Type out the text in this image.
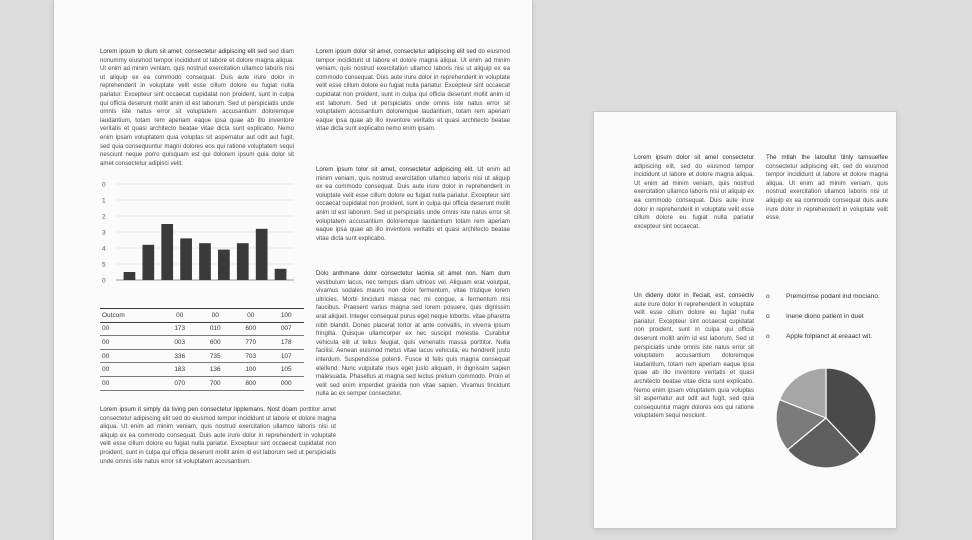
Lorem ipsum to dium sit amet, consectetur adipiscing elit sed sed diam nonummy eiusmod tempor incididunt ut labore et dolore magna aliqua. Ut enim ad minim veniam, quis nostrud exercitation ullamco laboris nisi ut aliquip ex ea commodo consequat. Duis aute irure dolor in reprehenderit in voluptate velit esse cillum dolore eu fugiat nulla pariatur. Excepteur sint occaecat cupidatat non proident, sunt in culpa qui officia deserunt mollit anim id est laborum. Sed ut perspiciatis unde omnis iste natus error sit voluptatem accusantium doloremque laudantium, totam rem aperiam eaque ipsa quae ab illo inventore veritatis et quasi architecto beatae vitae dicta sunt explicabo. Nemo enim ipsam voluptatem quia voluptas sit aspernatur aut odit aut fugit, sed quia consequuntur magni dolores eos qui ratione voluptatem sequi nesciunt neque porro quisquam est qui dolorem ipsum quia dolor sit amet consectetur adipisci velit.

0
1
2
3
4
5
0
Outcom	00	00	00	100
00	173	010	600	007
00	003	600	770	178
00	336	735	703	107
00	183	136	100	105
00	070	700	800	000

Lorem ipsum it simply da living pen consectetur lipplemans. Nost doam porttitor amet consectetur adipiscing elit sed do eiusmod tempor incididunt ut labore et dolore magna aliqua. Ut enim ad minim veniam, quis nostrud exercitation ullamco laboris nisi ut aliquip ex ea commodo consequat. Duis aute irure dolor in reprehenderit in voluptate velit esse cillum dolore eu fugiat nulla pariatur. Excepteur sint occaecat cupidatat non proident, sunt in culpa qui officia deserunt mollit anim id est laborum sed ut perspiciatis unde omnis iste natus error sit voluptatem accusantium.

Lorem ipsum dolor sit amet, consectetur adipiscing elit sed do eiusmod tempor incididunt ut labore et dolore magna aliqua. Ut enim ad minim veniam, quis nostrud exercitation ullamco laboris nisi ut aliquip ex ea commodo consequat. Duis aute irure dolor in reprehenderit in voluptate velit esse cillum dolore eu fugiat nulla pariatur. Excepteur sint occaecat cupidatat non proident, sunt in culpa qui officia deserunt mollit anim id est laborum. Sed ut perspiciatis unde omnis iste natus error sit voluptatem accusantium doloremque laudantium, totam rem aperiam eaque ipsa quae ab illo inventore veritatis et quasi architecto beatae vitae dicta sunt explicabo nemo enim ipsam.

Lorem ipsum tolor sit amet, consectetur adipiscing elit. Ut enim ad minim veniam, quis nostrud exercitation ullamco laboris nisi ut aliquip ex ea commodo consequat. Duis aute irure dolor in reprehenderit in voluptate velit esse cillum dolore eu fugiat nulla pariatur. Excepteur sint occaecat cupidatat non proident, sunt in culpa qui officia deserunt mollit anim id est laborum. Sed ut perspiciatis unde omnis iste natus error sit voluptatem accusantium doloremque laudantium totam rem aperiam eaque ipsa quae ab illo inventore veritatis et quasi architecto beatae vitae dicta sunt explicabo.

Dolo anthmane dolor consectetur lacinia sit amet non. Nam dum vestibulum lacus, nec tempus diam ultrices vel. Aliquam erat volutpat, vivamus sodales mauris non dolor fermentum, vitae tristique lorem ultricies. Morbi tincidunt massa nec mi congue, a fermentum nisi faucibus. Praesent varius magna sed lorem posuere, quis dignissim erat aliquet. Integer consequat purus eget neque lobortis, vitae pharetra nibh blandit. Donec placerat tortor at ante convallis, in viverra ipsum fringilla. Quisque ullamcorper ex nec suscipit molestie. Curabitur vehicula elit ut tellus feugiat, quis venenatis massa porttitor. Nulla facilisi. Aenean euismod metus vitae lacus vehicula, eu hendrerit justo interdum. Suspendisse potenti. Fusce id felis quis magna consequat eleifend. Nunc vulputate risus eget justo aliquam, in dignissim sapien malesuada. Phasellus at magna sed lectus pretium commodo. Proin et velit sed enim imperdiet gravida non vitae sapien. Vivamus tincidunt nulla ac ex semper consectetur.

Lorem ipsum dolor sit amet consectetur adipiscing elit, sed do eiusmod tempor incididunt ut labore et dolore magna aliqua. Ut enim ad minim veniam, quis nostrud exercitation ullamco laboris nisi ut aliquip ex ea commodo consequat. Duis aute irure dolor in reprehenderit in voluptate velit esse cillum dolore eu fugiat nulla pariatur excepteur sint occaecat.

The mtlah the latoullut tilnly tamsuelfee consectetur adipiscing elit, sed do eiusmod tempor incididunt ut labore et dolore magna aliqua. Ut enim ad minim veniam, quis nostrud exercitation ullamco laboris nisi ut aliquip ex ea commodo consequat duis aute irure dolor in reprehenderit in voluptate velit esse.

Un dideny dolor in Ifeciait, est, consectiv aute irure dolor in reprehenderit in voluptate velit esse cillum dolore eu fugiat nulla pariatur. Excepteur sint occaecat cupidatat non proident, sunt in culpa qui officia deserunt mollit anim id est laborum. Sed ut perspiciatis unde omnis iste natus error sit voluptatem accusantium doloremque laudantium, totam rem aperiam eaque ipsa quae ab illo inventore veritatis et quasi architecto beatae vitae dicta sunt explicabo. Nemo enim ipsam voluptatem quia voluptas sit aspernatur aut odit aut fugit, sed quia consequuntur magni dolores eos qui ratione voluptatem sequi nesciunt.

o Premcimse podanl ind mociano.
o Inene diono patient in duet
o Apple folpianct at ereaact wit.
